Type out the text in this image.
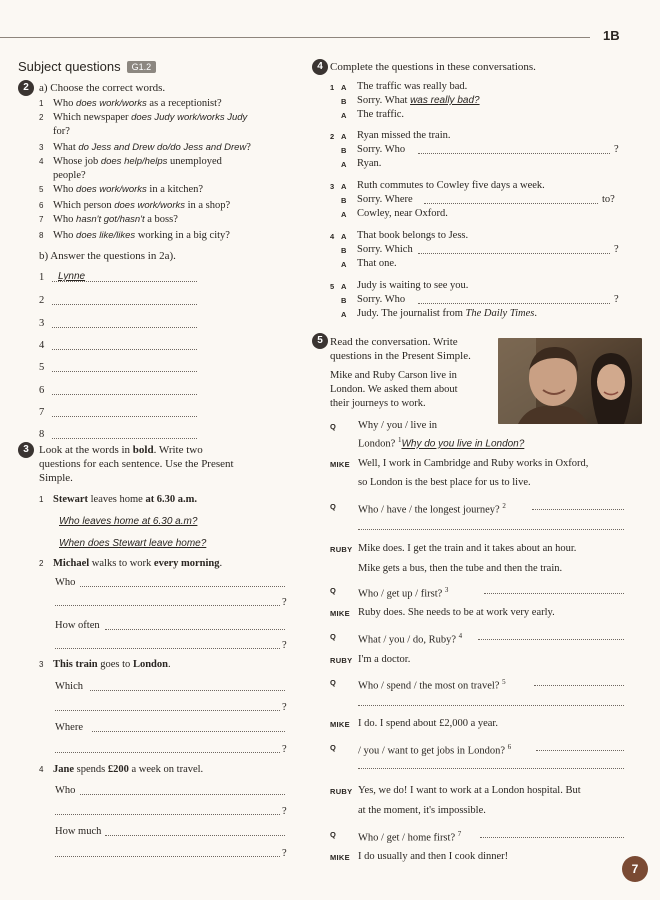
1B
Subject questions G1.2
2 a) Choose the correct words.
1 Who does work/works as a receptionist?
2 Which newspaper does Judy work/works Judy
for?
3 What do Jess and Drew do/do Jess and Drew?
4 Whose job does help/helps unemployed
people?
5 Who does work/works in a kitchen?
6 Which person does work/works in a shop?
7 Who hasn't got/hasn't a boss?
8 Who does like/likes working in a big city?
b) Answer the questions in 2a).
1 Lynne
2
3
4
5
6
7
8
3 Look at the words in bold. Write two
questions for each sentence. Use the Present
Simple.
1 Stewart leaves home at 6.30 a.m.
Who leaves home at 6.30 a.m?
When does Stewart leave home?
2 Michael walks to work every morning.
Who
?
How often
?
3 This train goes to London.
Which
?
Where
?
4 Jane spends £200 a week on travel.
Who
?
How much
?
4 Complete the questions in these conversations.
1 A The traffic was really bad.
B Sorry. What was really bad?
A The traffic.
2 A Ryan missed the train.
B Sorry. Who	?
A Ryan.
3 A Ruth commutes to Cowley five days a week.
B Sorry. Where	to?
A Cowley, near Oxford.
4 A That book belongs to Jess.
B Sorry. Which	?
A That one.
5 A Judy is waiting to see you.
B Sorry. Who	?
A Judy. The journalist from The Daily Times.
5 Read the conversation. Write
questions in the Present Simple.
Mike and Ruby Carson live in
London. We asked them about
their journeys to work.
Q Why / you / live in
London? $^1$Why do you live in London?
MIKE Well, I work in Cambridge and Ruby works in Oxford,
so London is the best place for us to live.
Q Who / have / the longest journey? $^2$
RUBY Mike does. I get the train and it takes about an hour.
Mike gets a bus, then the tube and then the train.
Q Who / get up / first? $^3$
MIKE Ruby does. She needs to be at work very early.
Q What / you / do, Ruby? $^4$
RUBY I'm a doctor.
Q Who / spend / the most on travel? $^5$
MIKE I do. I spend about £2,000 a year.
Q / you / want to get jobs in London? $^6$
RUBY Yes, we do! I want to work at a London hospital. But
at the moment, it's impossible.
Q Who / get / home first? $^7$
MIKE I do usually and then I cook dinner!
7
